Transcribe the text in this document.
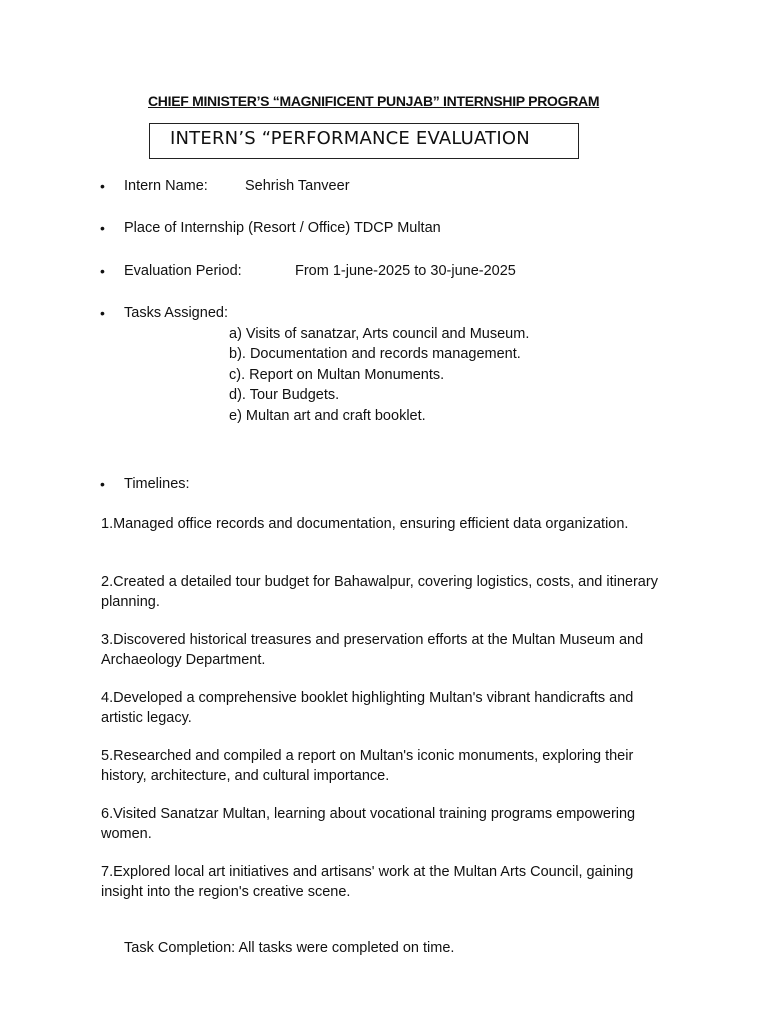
CHIEF MINISTER’S “MAGNIFICENT PUNJAB” INTERNSHIP PROGRAM
INTERN’S “PERFORMANCE EVALUATION
• Intern Name:	Sehrish Tanveer
• Place of Internship (Resort / Office) TDCP Multan
• Evaluation Period:	From 1-june-2025 to 30-june-2025
• Tasks Assigned:
a) Visits of sanatzar, Arts council and Museum.
b). Documentation and records management.
c). Report on Multan Monuments.
d). Tour Budgets.
e) Multan art and craft booklet.
• Timelines:
1.Managed office records and documentation, ensuring efficient data organization.
2.Created a detailed tour budget for Bahawalpur, covering logistics, costs, and itinerary planning.
3.Discovered historical treasures and preservation efforts at the Multan Museum and Archaeology Department.
4.Developed a comprehensive booklet highlighting Multan's vibrant handicrafts and artistic legacy.
5.Researched and compiled a report on Multan's iconic monuments, exploring their history, architecture, and cultural importance.
6.Visited Sanatzar Multan, learning about vocational training programs empowering women.
7.Explored local art initiatives and artisans' work at the Multan Arts Council, gaining insight into the region's creative scene.
Task Completion: All tasks were completed on time.
